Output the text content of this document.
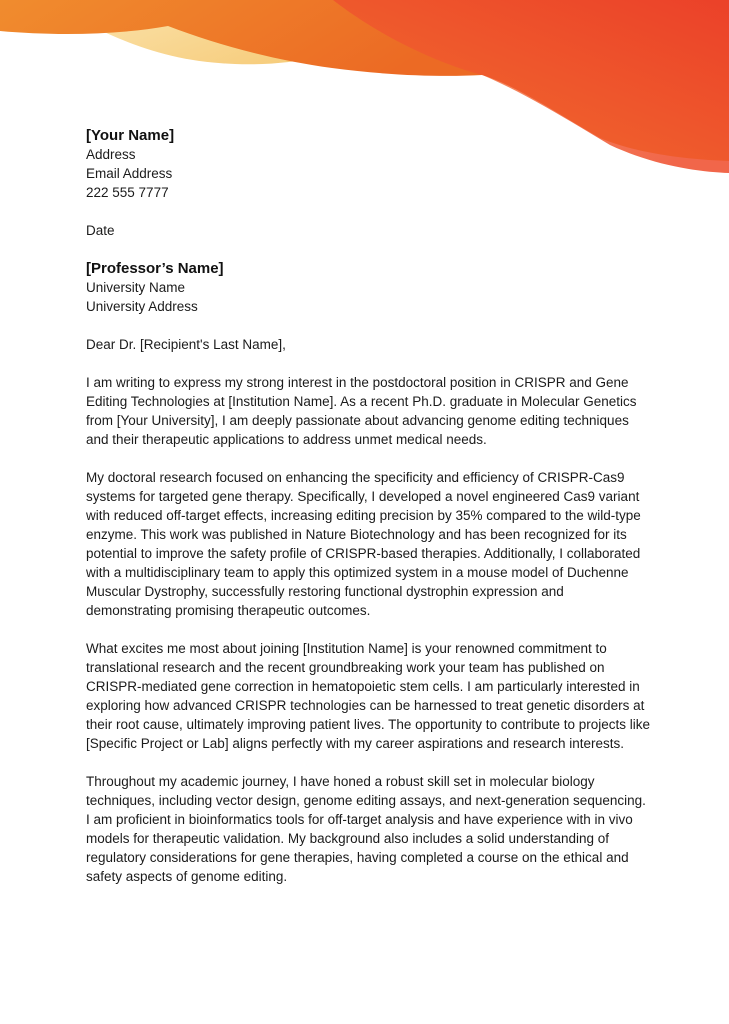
[Your Name]

Address

Email Address

222 555 7777

Date

[Professor’s Name]

University Name

University Address

Dear Dr. [Recipient's Last Name],

I am writing to express my strong interest in the postdoctoral position in CRISPR and Gene Editing Technologies at [Institution Name]. As a recent Ph.D. graduate in Molecular Genetics from [Your University], I am deeply passionate about advancing genome editing techniques and their therapeutic applications to address unmet medical needs.

My doctoral research focused on enhancing the specificity and efficiency of CRISPR-Cas9 systems for targeted gene therapy. Specifically, I developed a novel engineered Cas9 variant with reduced off-target effects, increasing editing precision by 35% compared to the wild-type enzyme. This work was published in Nature Biotechnology and has been recognized for its potential to improve the safety profile of CRISPR-based therapies. Additionally, I collaborated with a multidisciplinary team to apply this optimized system in a mouse model of Duchenne Muscular Dystrophy, successfully restoring functional dystrophin expression and demonstrating promising therapeutic outcomes.

What excites me most about joining [Institution Name] is your renowned commitment to translational research and the recent groundbreaking work your team has published on CRISPR-mediated gene correction in hematopoietic stem cells. I am particularly interested in exploring how advanced CRISPR technologies can be harnessed to treat genetic disorders at their root cause, ultimately improving patient lives. The opportunity to contribute to projects like [Specific Project or Lab] aligns perfectly with my career aspirations and research interests.

Throughout my academic journey, I have honed a robust skill set in molecular biology techniques, including vector design, genome editing assays, and next-generation sequencing. I am proficient in bioinformatics tools for off-target analysis and have experience with in vivo models for therapeutic validation. My background also includes a solid understanding of regulatory considerations for gene therapies, having completed a course on the ethical and safety aspects of genome editing.
